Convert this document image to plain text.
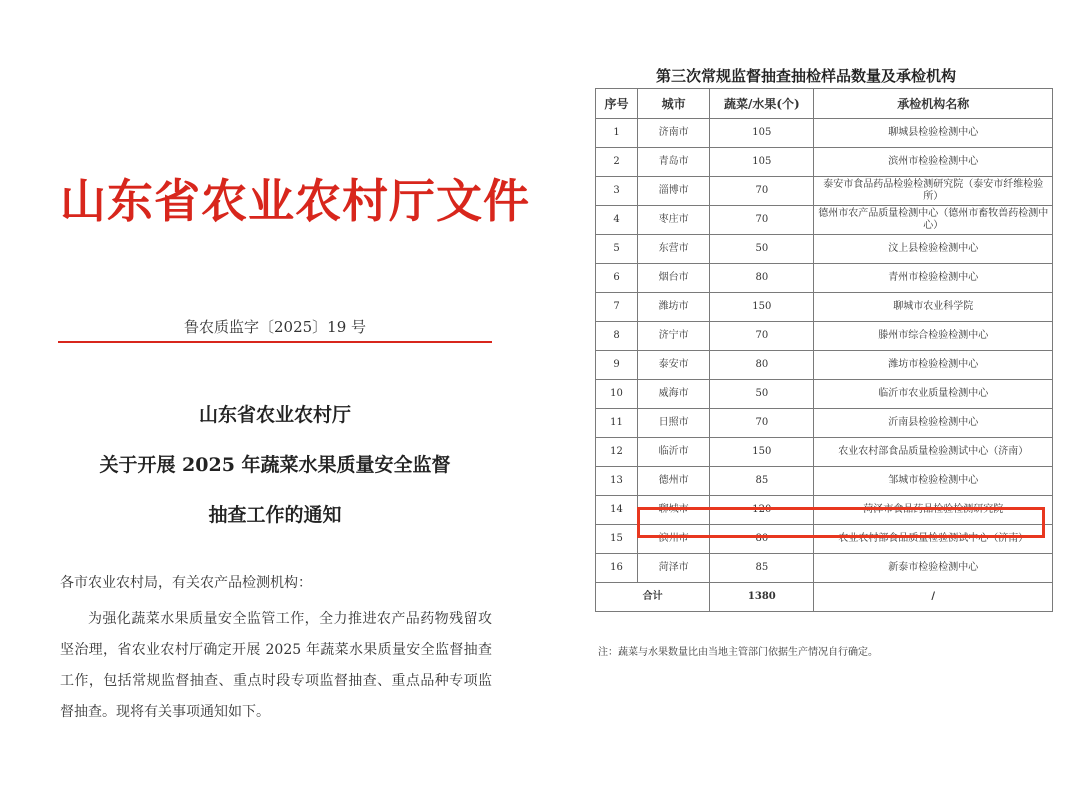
山东省农业农村厅文件
鲁农质监字〔2025〕19 号
山东省农业农村厅
关于开展 2025 年蔬菜水果质量安全监督
抽查工作的通知
各市农业农村局，有关农产品检测机构：
为强化蔬菜水果质量安全监管工作，全力推进农产品药物残留攻坚治理，省农业农村厅确定开展 2025 年蔬菜水果质量安全监督抽查工作，包括常规监督抽查、重点时段专项监督抽查、重点品种专项监督抽查。现将有关事项通知如下。
第三次常规监督抽查抽检样品数量及承检机构
序号	城市	蔬菜/水果(个)	承检机构名称
1	济南市	105	聊城县检验检测中心
2	青岛市	105	滨州市检验检测中心
3	淄博市	70	泰安市食品药品检验检测研究院（泰安市纤维检验所）
4	枣庄市	70	德州市农产品质量检测中心（德州市畜牧兽药检测中心）
5	东营市	50	汶上县检验检测中心
6	烟台市	80	青州市检验检测中心
7	潍坊市	150	聊城市农业科学院
8	济宁市	70	滕州市综合检验检测中心
9	泰安市	80	潍坊市检验检测中心
10	威海市	50	临沂市农业质量检测中心
11	日照市	70	沂南县检验检测中心
12	临沂市	150	农业农村部食品质量检验测试中心（济南）
13	德州市	85	邹城市检验检测中心
14	聊城市	120	菏泽市食品药品检验检测研究院
15	滨州市	80	农业农村部食品质量检验测试中心（济南）
16	菏泽市	85	新泰市检验检测中心
合计		1380	/
注：蔬菜与水果数量比由当地主管部门依据生产情况自行确定。
